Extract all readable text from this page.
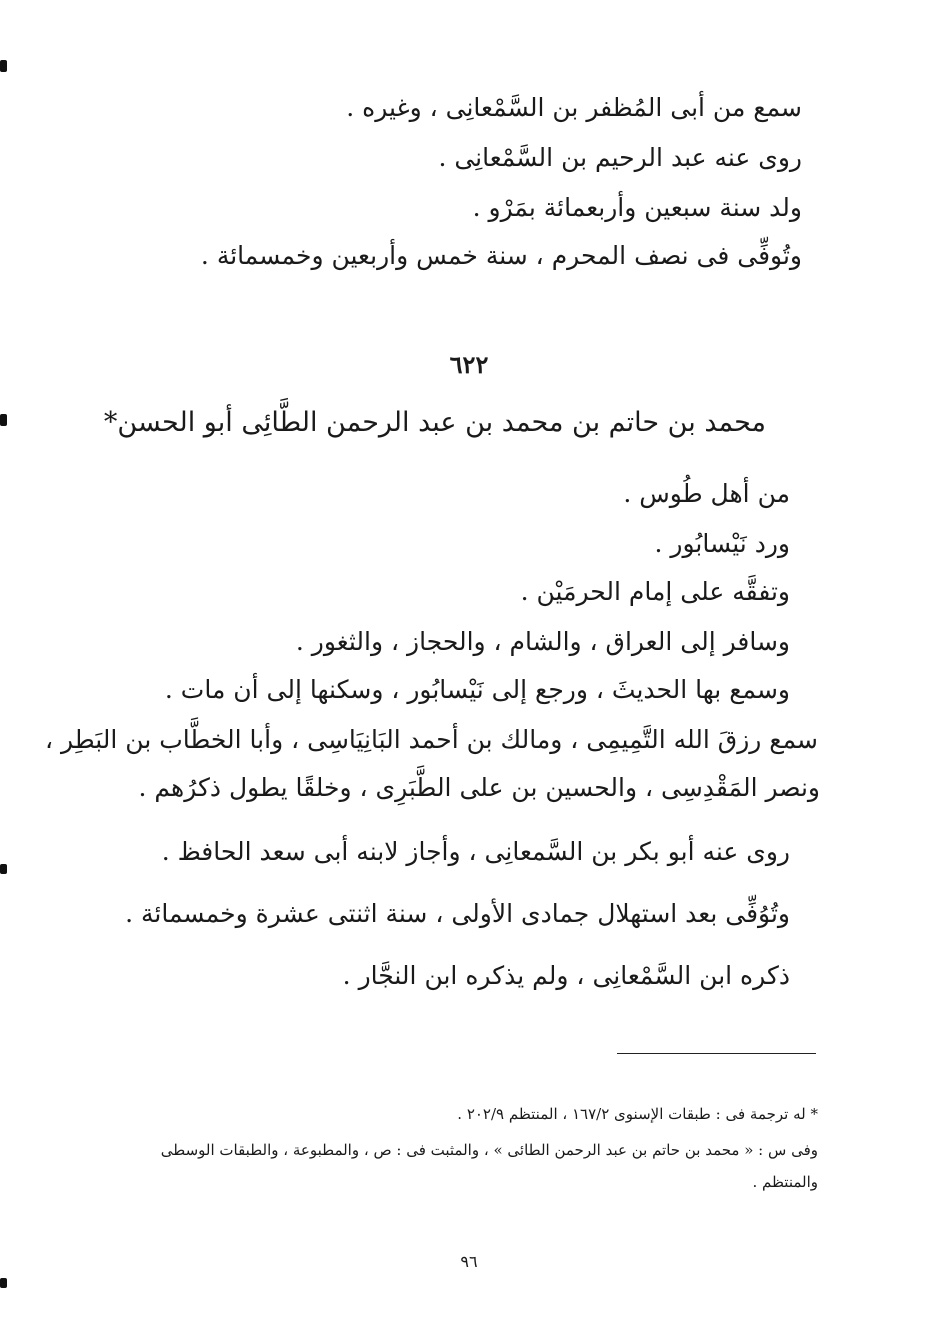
سمع من أبى المُظفر بن السَّمْعانِى ، وغيره .
روى عنه عبد الرحيم بن السَّمْعانِى .
ولد سنة سبعين وأربعمائة بمَرْو .
وتُوفِّى فى نصف المحرم ، سنة خمس وأربعين وخمسمائة .
٦٢٢
محمد بن حاتم بن محمد بن عبد الرحمن الطَّائِى أبو الحسن*
من أهل طُوس .
ورد نَيْسابُور .
وتفقَّه على إمام الحرمَيْن .
وسافر إلى العراق ، والشام ، والحجاز ، والثغور .
وسمع بها الحديثَ ، ورجع إلى نَيْسابُور ، وسكنها إلى أن مات .
سمع رزقَ الله التَّمِيمِى ، ومالك بن أحمد البَانِيَاسِى ، وأبا الخطَّاب بن البَطِر ،
ونصر المَقْدِسِى ، والحسين بن على الطَّبَرِى ، وخلقًا يطول ذكرُهم .
روى عنه أبو بكر بن السَّمعانِى ، وأجاز لابنه أبى سعد الحافظ .
وتُوُفِّى بعد استهلال جمادى الأولى ، سنة اثنتى عشرة وخمسمائة .
ذكره ابن السَّمْعانِى ، ولم يذكره ابن النجَّار .
* له ترجمة فى : طبقات الإسنوى ١٦٧/٢ ، المنتظم ٢٠٢/٩ .
وفى س : « محمد بن حاتم بن عبد الرحمن الطائى » ، والمثبت فى : ص ، والمطبوعة ، والطبقات الوسطى
والمنتظم .
٩٦
